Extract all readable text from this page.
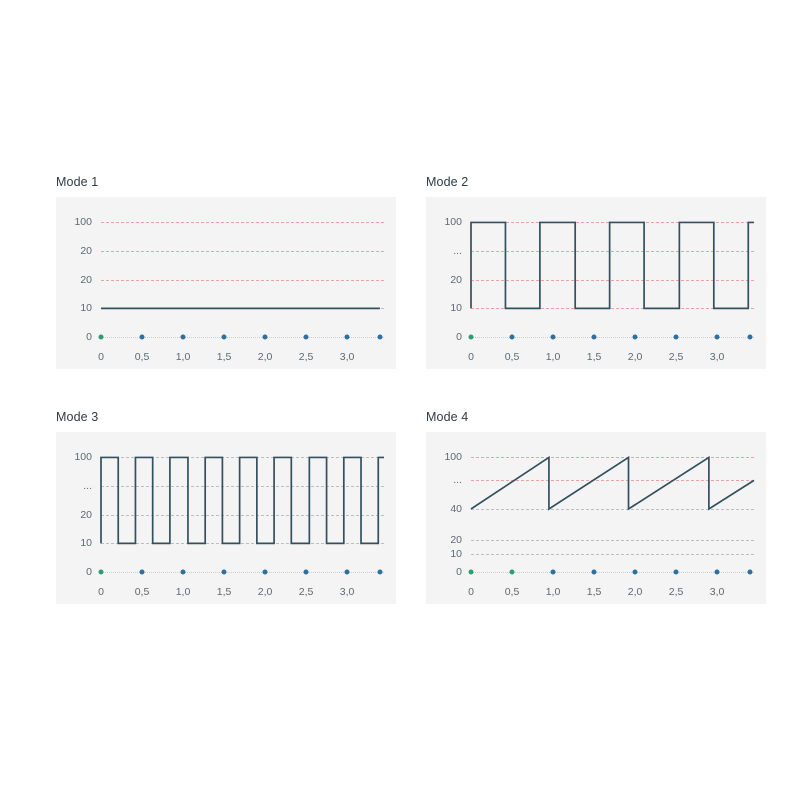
Mode 1
100
20
20
10
0
0	0,5	1,0	1,5	2,0	2,5	3,0
Mode 2
100
...
20
10
0
0	0,5	1,0	1,5	2,0	2,5	3,0
Mode 3
100
...
20
10
0
0	0,5	1,0	1,5	2,0	2,5	3,0
Mode 4
100
...
40
20
10
0
0	0,5	1,0	1,5	2,0	2,5	3,0
